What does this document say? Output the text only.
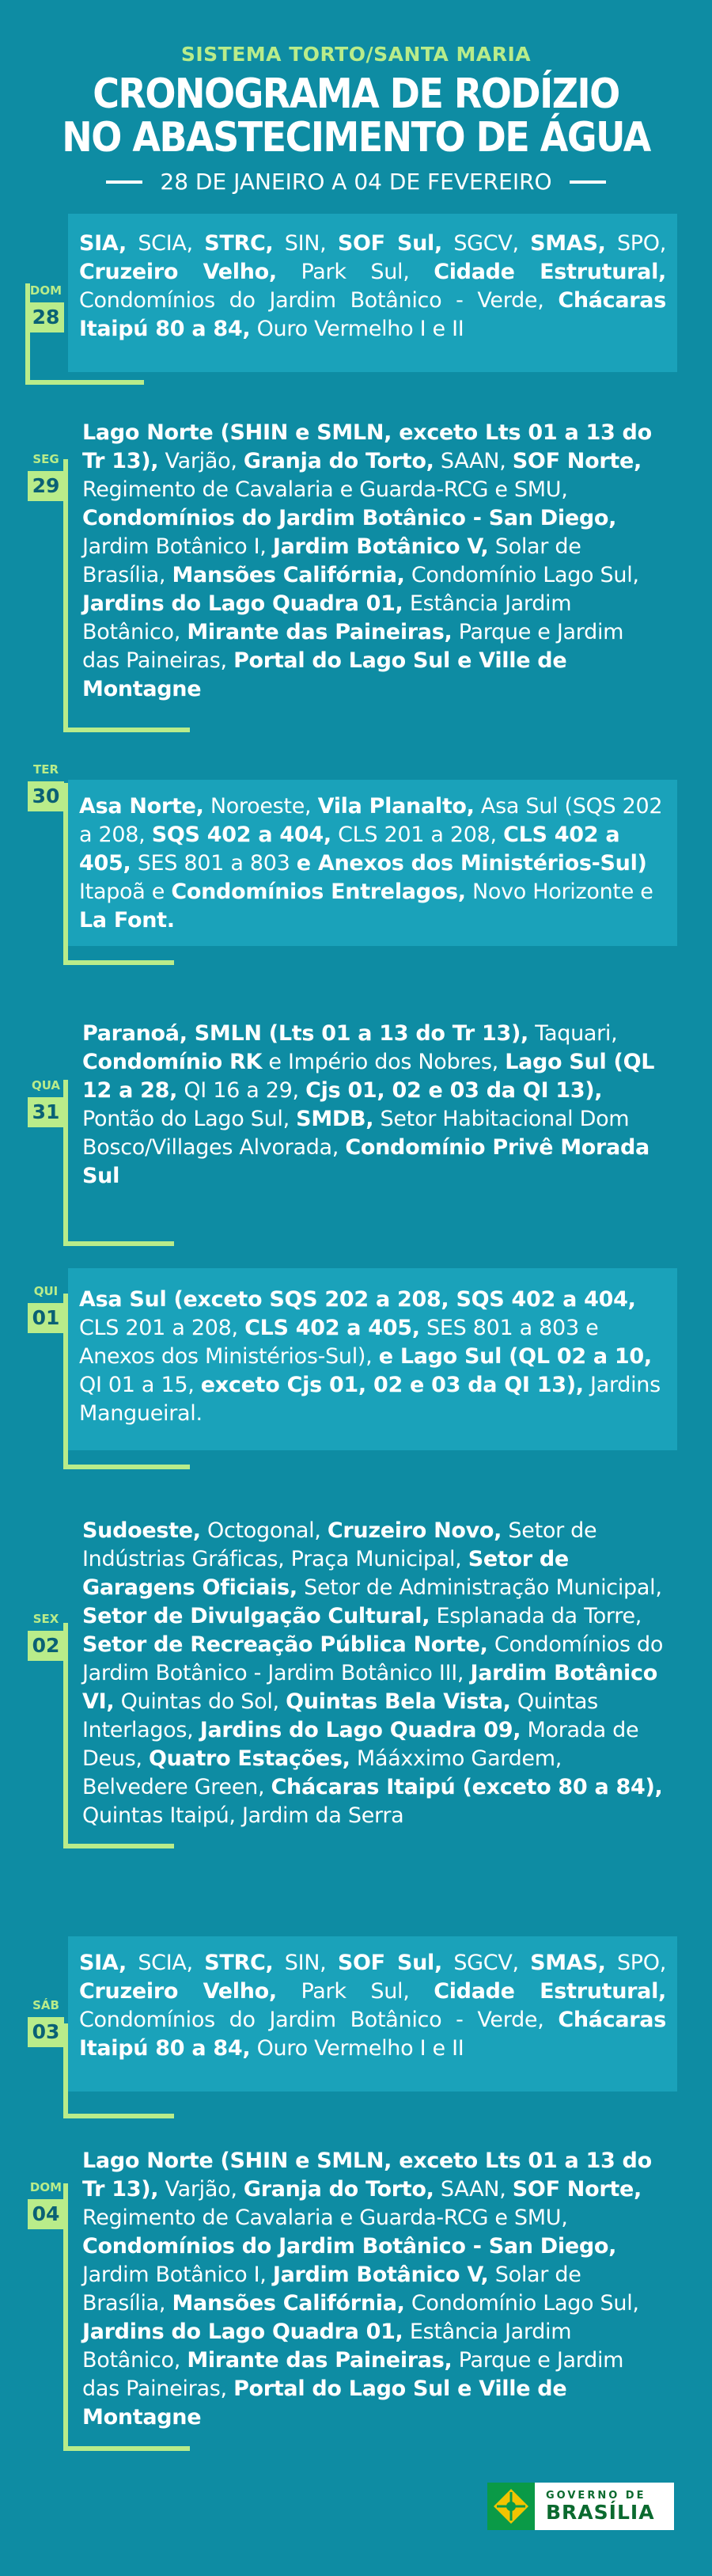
SISTEMA TORTO/SANTA MARIA
CRONOGRAMA DE RODÍZIO
NO ABASTECIMENTO DE ÁGUA
28 DE JANEIRO A 04 DE FEVEREIRO
SIA, SCIA, STRC, SIN, SOF Sul, SGCV, SMAS, SPO, Cruzeiro Velho, Park Sul, Cidade Estrutural, Condomínios do Jardim Botânico - Verde, Chácaras Itaipú 80 a 84, Ouro Vermelho I e II
DOM
28
Lago Norte (SHIN e SMLN, exceto Lts 01 a 13 do Tr 13), Varjão, Granja do Torto, SAAN, SOF Norte, Regimento de Cavalaria e Guarda-RCG e SMU, Condomínios do Jardim Botânico - San Diego, Jardim Botânico I, Jardim Botânico V, Solar de Brasília, Mansões Califórnia, Condomínio Lago Sul, Jardins do Lago Quadra 01, Estância Jardim Botânico, Mirante das Paineiras, Parque e Jardim das Paineiras, Portal do Lago Sul e Ville de Montagne
SEG
29
Asa Norte, Noroeste, Vila Planalto, Asa Sul (SQS 202 a 208, SQS 402 a 404, CLS 201 a 208, CLS 402 a 405, SES 801 a 803 e Anexos dos Ministérios-Sul) Itapoã e Condomínios Entrelagos, Novo Horizonte e La Font.
TER
30
Paranoá, SMLN (Lts 01 a 13 do Tr 13), Taquari, Condomínio RK e Império dos Nobres, Lago Sul (QL 12 a 28, QI 16 a 29, Cjs 01, 02 e 03 da QI 13), Pontão do Lago Sul, SMDB, Setor Habitacional Dom Bosco/Villages Alvorada, Condomínio Privê Morada Sul
QUA
31
Asa Sul (exceto SQS 202 a 208, SQS 402 a 404, CLS 201 a 208, CLS 402 a 405, SES 801 a 803 e Anexos dos Ministérios-Sul), e Lago Sul (QL 02 a 10, QI 01 a 15, exceto Cjs 01, 02 e 03 da QI 13), Jardins Mangueiral.
QUI
01
Sudoeste, Octogonal, Cruzeiro Novo, Setor de Indústrias Gráficas, Praça Municipal, Setor de Garagens Oficiais, Setor de Administração Municipal, Setor de Divulgação Cultural, Esplanada da Torre, Setor de Recreação Pública Norte, Condomínios do Jardim Botânico - Jardim Botânico III, Jardim Botânico VI, Quintas do Sol, Quintas Bela Vista, Quintas Interlagos, Jardins do Lago Quadra 09, Morada de Deus, Quatro Estações, Mááxximo Gardem, Belvedere Green, Chácaras Itaipú (exceto 80 a 84), Quintas Itaipú, Jardim da Serra
SEX
02
SIA, SCIA, STRC, SIN, SOF Sul, SGCV, SMAS, SPO, Cruzeiro Velho, Park Sul, Cidade Estrutural, Condomínios do Jardim Botânico - Verde, Chácaras Itaipú 80 a 84, Ouro Vermelho I e II
SÁB
03
Lago Norte (SHIN e SMLN, exceto Lts 01 a 13 do Tr 13), Varjão, Granja do Torto, SAAN, SOF Norte, Regimento de Cavalaria e Guarda-RCG e SMU, Condomínios do Jardim Botânico - San Diego, Jardim Botânico I, Jardim Botânico V, Solar de Brasília, Mansões Califórnia, Condomínio Lago Sul, Jardins do Lago Quadra 01, Estância Jardim Botânico, Mirante das Paineiras, Parque e Jardim das Paineiras, Portal do Lago Sul e Ville de Montagne
DOM
04
GOVERNO DE
BRASÍLIA
